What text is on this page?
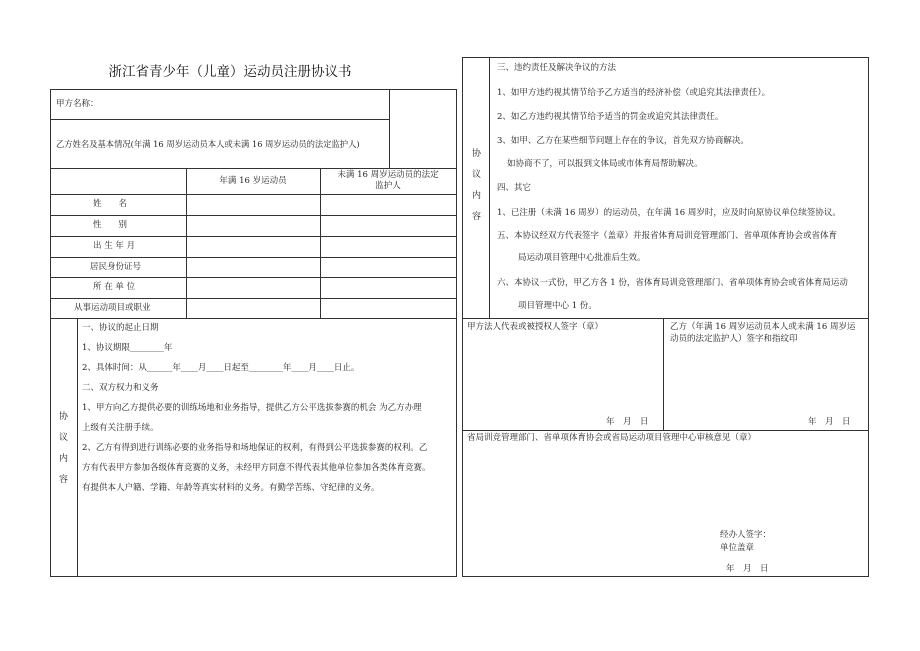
浙江省青少年（儿童）运动员注册协议书
甲方名称：
乙方姓名及基本情况(年满 16 周岁运动员本人或未满 16 周岁运动员的法定监护人)
年满 16 岁运动员
未满 16 周岁运动员的法定
监护人
姓　　名
性　　别
出 生 年 月
居民身份证号
所 在 单 位
从事运动项目或职业
协
议
内
容
一、协议的起止日期
1、协议期限________年
2、具体时间：从______年____月____日起至________年____月____日止。
二、双方权力和义务
1、甲方向乙方提供必要的训练场地和业务指导，提供乙方公平选拔参赛的机会 为乙方办理
上级有关注册手续。
2、乙方有得到进行训练必要的业务指导和场地保证的权利，有得到公平选拔参赛的权利。乙
方有代表甲方参加各级体育竞赛的义务，未经甲方同意不得代表其他单位参加各类体育竞赛。
有提供本人户籍、学籍、年龄等真实材料的义务。有勤学苦练、守纪律的义务。
协
议
内
容
三、违约责任及解决争议的方法
1、如甲方违约视其情节给予乙方适当的经济补偿（或追究其法律责任）。
2、如乙方违约视其情节给予适当的罚金或追究其法律责任。
3、如甲、乙方在某些细节问题上存在的争议，首先双方协商解决。
如协商不了，可以报到文体局或市体育局帮助解决。
四、其它
1、已注册（未满 16 周岁）的运动员，在年满 16 周岁时，应及时向原协议单位续签协议。
五、本协议经双方代表签字（盖章）并报省体育局训竞管理部门、省单项体育协会或省体育
局运动项目管理中心批准后生效。
六、本协议一式份，甲乙方各 1 份，省体育局训竞管理部门、省单项体育协会或省体育局运动
项目管理中心 1 份。
甲方法人代表或被授权人签字（章）	乙方（年满 16 周岁运动员本人或未满 16 周岁运
动员的法定监护人）签字和指纹印
年　月　日	年　月　日
省局训竞管理部门、省单项体育协会或省局运动项目管理中心审核意见（章）
经办人签字：
单位盖章
年　月　日
